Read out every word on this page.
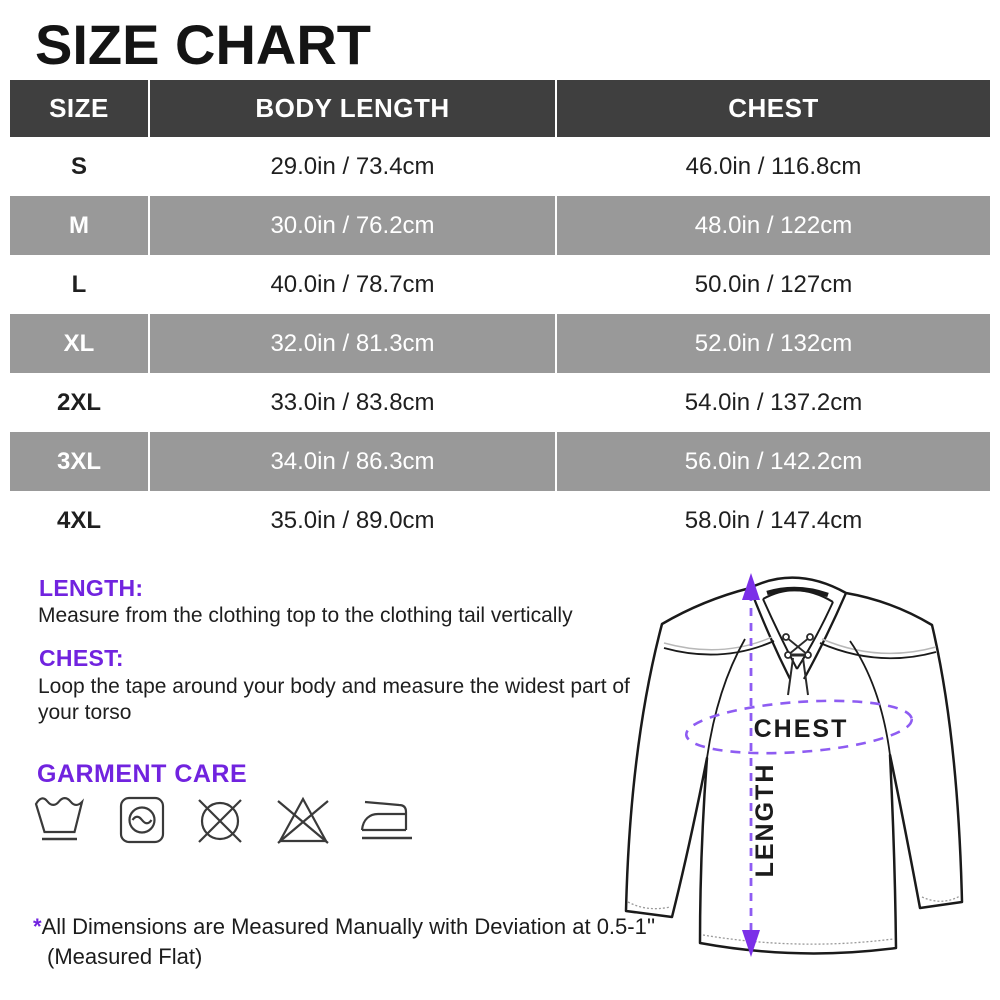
SIZE CHART
SIZE	BODY LENGTH	CHEST
S	29.0in / 73.4cm	46.0in / 116.8cm
M	30.0in / 76.2cm	48.0in / 122cm
L	40.0in / 78.7cm	50.0in / 127cm
XL	32.0in / 81.3cm	52.0in / 132cm
2XL	33.0in / 83.8cm	54.0in / 137.2cm
3XL	34.0in / 86.3cm	56.0in / 142.2cm
4XL	35.0in / 89.0cm	58.0in / 147.4cm
LENGTH:
Measure from the clothing top to the clothing tail vertically
CHEST:
Loop the tape around your body and measure the widest part of your torso
GARMENT CARE
CHEST
LENGTH
*All Dimensions are Measured Manually with Deviation at 0.5-1''
(Measured Flat)
